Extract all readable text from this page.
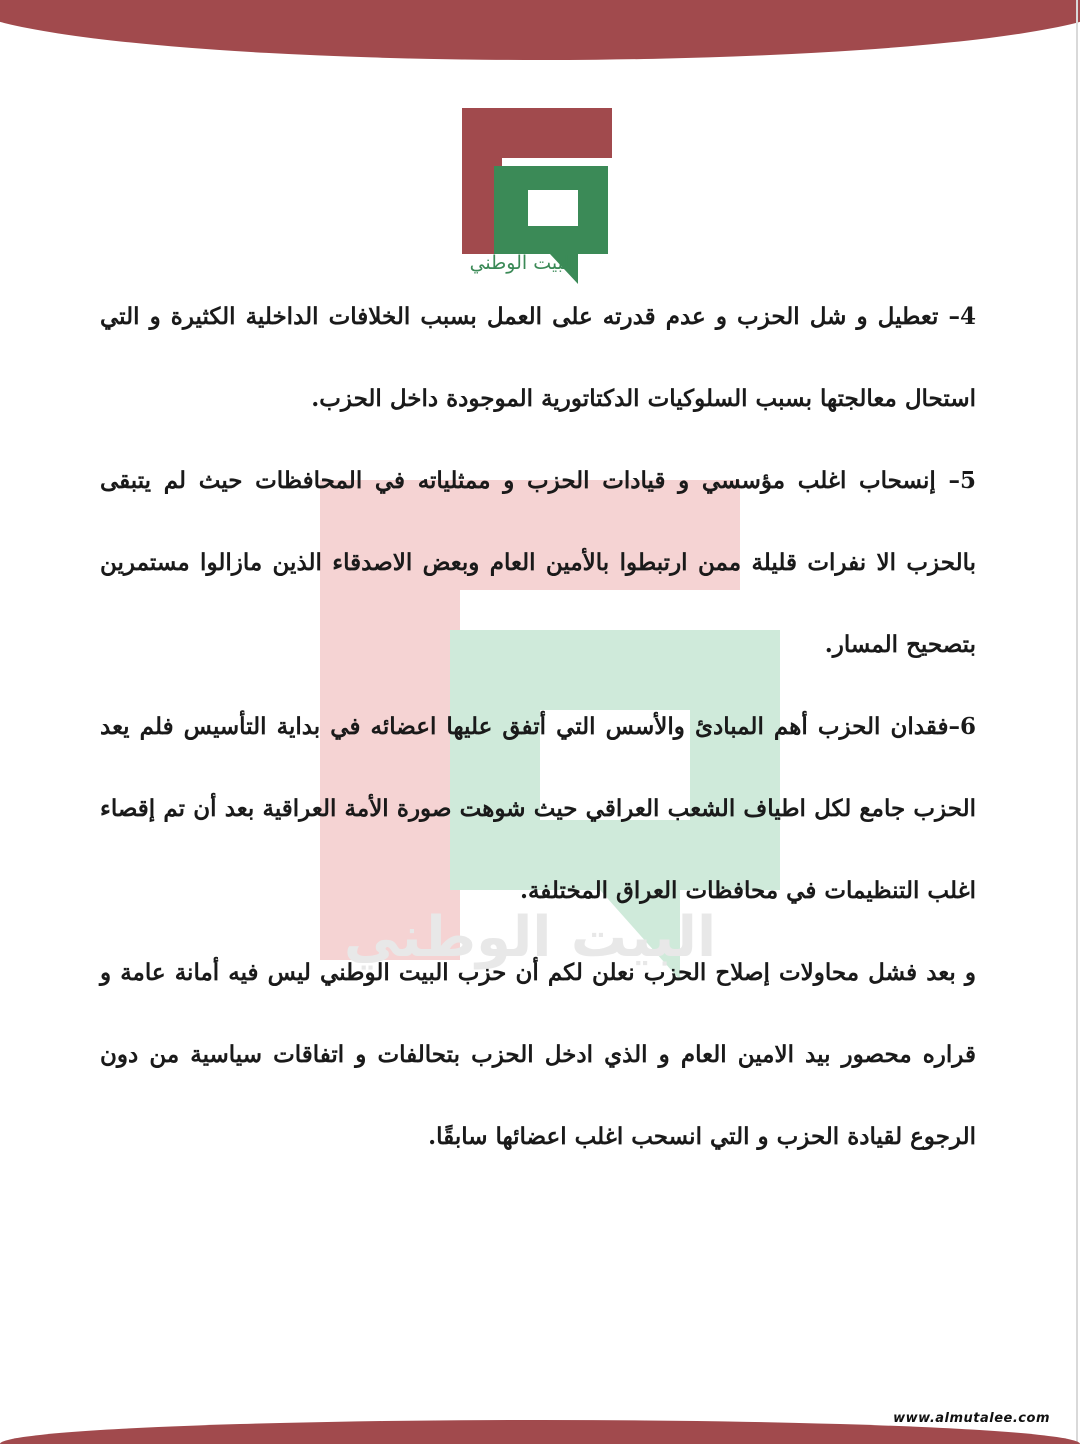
البيت الوطني
البيت الوطني

4– تعطيل و شل الحزب و عدم قدرته على العمل بسبب الخلافات الداخلية الكثيرة و التي استحال معالجتها بسبب السلوكيات الدكتاتورية الموجودة داخل الحزب.

5– إنسحاب اغلب مؤسسي و قيادات الحزب و ممثلياته في المحافظات حيث لم يتبقى بالحزب الا نفرات قليلة ممن ارتبطوا بالأمين العام وبعض الاصدقاء الذين مازالوا مستمرين بتصحيح المسار.

6–فقدان الحزب أهم المبادئ والأسس التي أتفق عليها اعضائه في بداية التأسيس فلم يعد الحزب جامع لكل اطياف الشعب العراقي حيث شوهت صورة الأمة العراقية بعد أن تم إقصاء اغلب التنظيمات في محافظات العراق المختلفة.

و بعد فشل محاولات إصلاح الحزب نعلن لكم أن حزب البيت الوطني ليس فيه أمانة عامة و قراره محصور بيد الامين العام و الذي ادخل الحزب بتحالفات و اتفاقات سياسية من دون الرجوع لقيادة الحزب و التي انسحب اغلب اعضائها سابقًا.

www.almutalee.com
